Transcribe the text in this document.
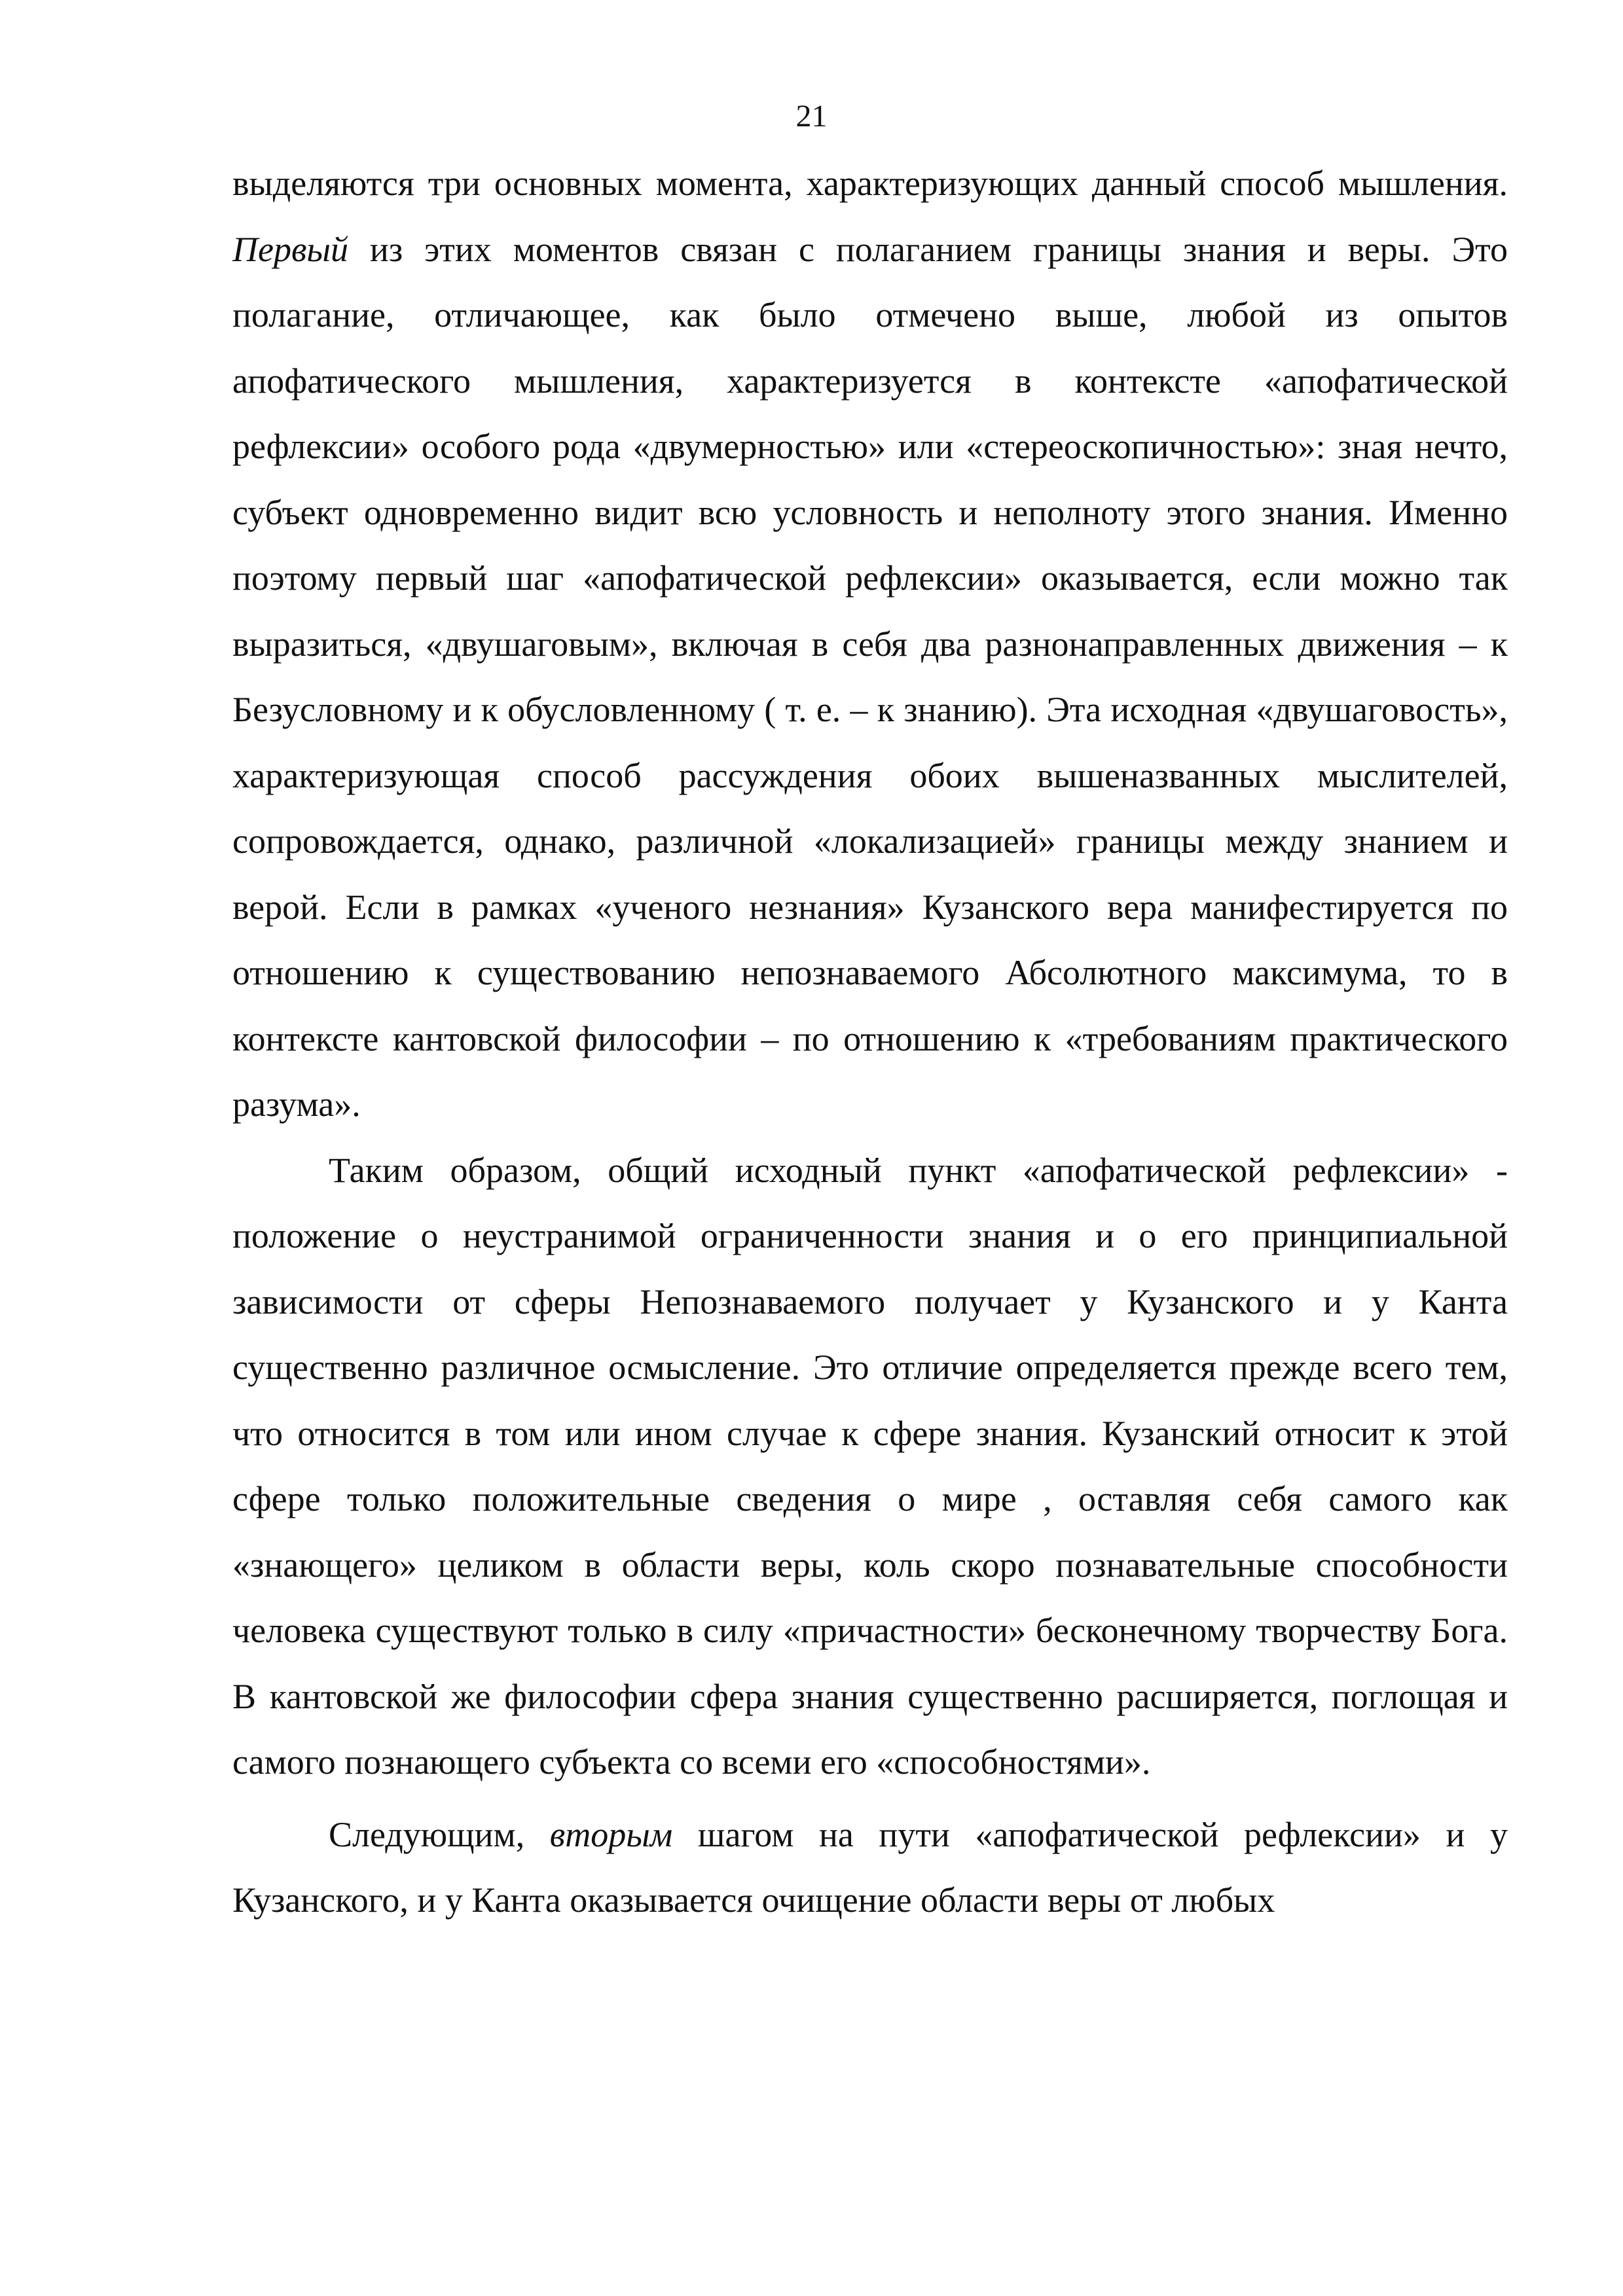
21

выделяются три основных момента, характеризующих данный способ мышления. Первый из этих моментов связан с полаганием границы знания и веры. Это полагание, отличающее, как было отмечено выше, любой из опытов апофатического мышления, характеризуется в контексте «апофатической рефлексии» особого рода «двумерностью» или «стереоскопичностью»: зная нечто, субъект одновременно видит всю условность и неполноту этого знания. Именно поэтому первый шаг «апофатической рефлексии» оказывается, если можно так выразиться, «двушаговым», включая в себя два разнонаправленных движения – к Безусловному и к обусловленному ( т. е. – к знанию). Эта исходная «двушаговость», характеризующая способ рассуждения обоих вышеназванных мыслителей, сопровождается, однако, различной «локализацией» границы между знанием и верой. Если в рамках «ученого незнания» Кузанского вера манифестируется по отношению к существованию непознаваемого Абсолютного максимума, то в контексте кантовской философии – по отношению к «требованиям практического разума».

Таким образом, общий исходный пункт «апофатической рефлексии» - положение о неустранимой ограниченности знания и о его принципиальной зависимости от сферы Непознаваемого получает у Кузанского и у Канта существенно различное осмысление. Это отличие определяется прежде всего тем, что относится в том или ином случае к сфере знания. Кузанский относит к этой сфере только положительные сведения о мире , оставляя себя самого как «знающего» целиком в области веры, коль скоро познавательные способности человека существуют только в силу «причастности» бесконечному творчеству Бога. В кантовской же философии сфера знания существенно расширяется, поглощая и самого познающего субъекта со всеми его «способностями».

Следующим, вторым шагом на пути «апофатической рефлексии» и у Кузанского, и у Канта оказывается очищение области веры от любых
